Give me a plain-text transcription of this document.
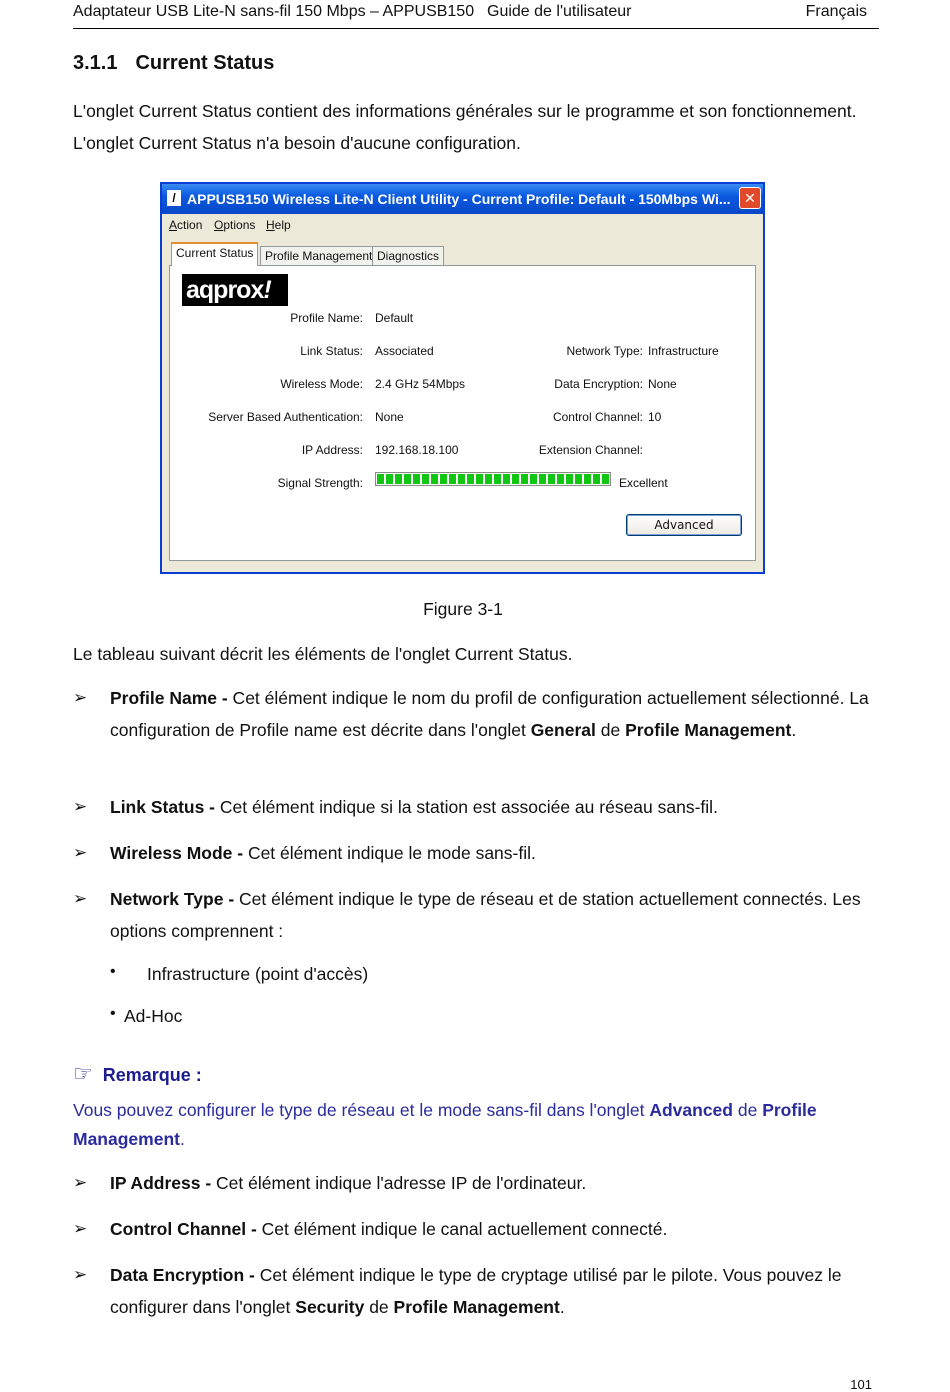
Adaptateur USB Lite-N sans-fil 150 Mbps – APPUSB150 Guide de l'utilisateur	Français
3.1.1 Current Status

L'onglet Current Status contient des informations générales sur le programme et son fonctionnement. L'onglet Current Status n'a besoin d'aucune configuration.

/ APPUSB150 Wireless Lite-N Client Utility - Current Profile: Default - 150Mbps Wi... ✕
Action Options Help
Current Status Profile Management Diagnostics
aqprox!
Profile Name: Default
Link Status: Associated
Wireless Mode: 2.4 GHz 54Mbps
Server Based Authentication: None
IP Address: 192.168.18.100
Signal Strength:	Excellent
Network Type: Infrastructure
Data Encryption: None
Control Channel: 10
Extension Channel:
Advanced
Figure 3-1

Le tableau suivant décrit les éléments de l'onglet Current Status.

➢ Profile Name - Cet élément indique le nom du profil de configuration actuellement sélectionné. La configuration de Profile name est décrite dans l'onglet General de Profile Management.

➢ Link Status - Cet élément indique si la station est associée au réseau sans-fil.

➢ Wireless Mode - Cet élément indique le mode sans-fil.

➢ Network Type - Cet élément indique le type de réseau et de station actuellement connectés. Les options comprennent :

• Infrastructure (point d'accès)
• Ad-Hoc
☞ Remarque :

Vous pouvez configurer le type de réseau et le mode sans-fil dans l'onglet Advanced de Profile Management.

➢ IP Address - Cet élément indique l'adresse IP de l'ordinateur.

➢ Control Channel - Cet élément indique le canal actuellement connecté.

➢ Data Encryption - Cet élément indique le type de cryptage utilisé par le pilote. Vous pouvez le configurer dans l'onglet Security de Profile Management.

101
